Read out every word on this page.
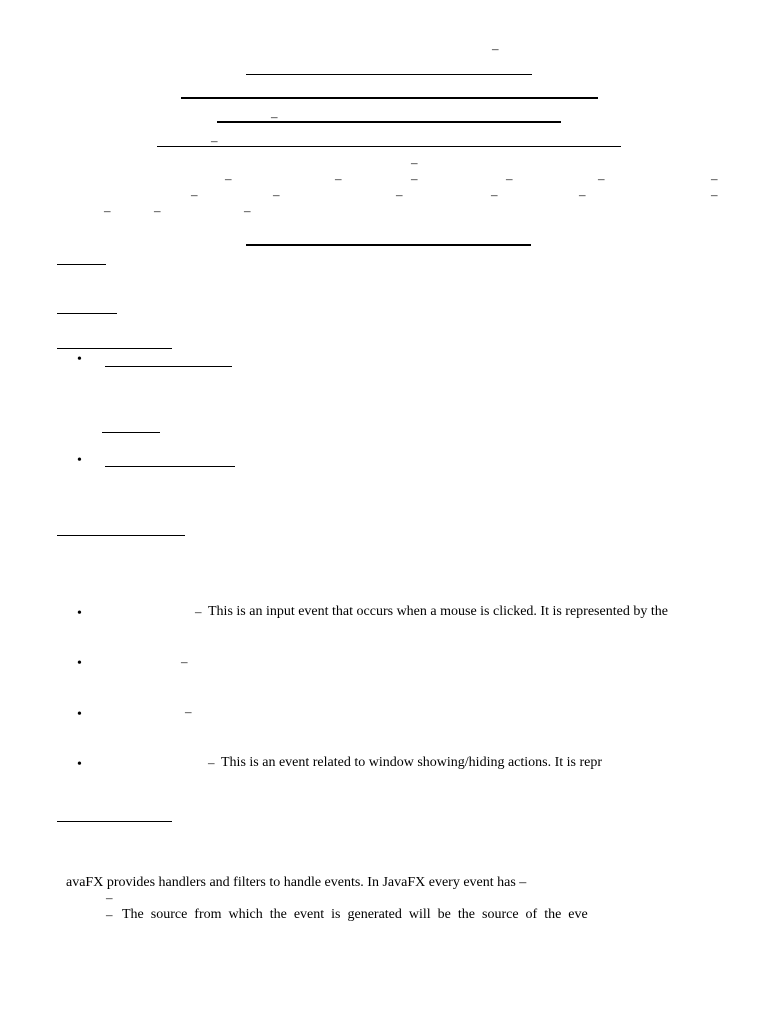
–
–
–
–
–	–	–	–	–	–
–	–	–	–	–	–
–	–	–
•
•
•	– This is an input event that occurs when a mouse is clicked. It is represented by the
•	–
•	–
•	– This is an event related to window showing/hiding actions. It is repr
avaFX provides handlers and filters to handle events. In JavaFX every event has –
–
– The source from which the event is generated will be the source of the eve
